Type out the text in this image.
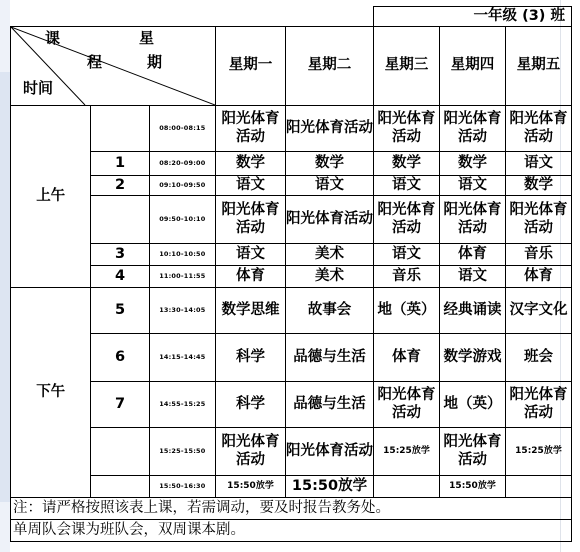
					一年级 (3) 班		

课 星
程 期
时间			星期一	星期二	星期三	星期四	星期五
上午		08:00-08:15	阳光体育活动	阳光体育活动	阳光体育活动	阳光体育活动	阳光体育活动
	1	08:20-09:00	数学	数学	数学	数学	语文
	2	09:10-09:50	语文	语文	语文	语文	数学
		09:50-10:10	阳光体育活动	阳光体育活动	阳光体育活动	阳光体育活动	阳光体育活动
	3	10:10-10:50	语文	美术	语文	体育	音乐
	4	11:00-11:55	体育	美术	音乐	语文	体育
下午	5	13:30-14:05	数学思维	故事会	地（英）	经典诵读	汉字文化
	6	14:15-14:45	科学	品德与生活	体育	数学游戏	班会
	7	14:55-15:25	科学	品德与生活	阳光体育活动	地（英）	阳光体育活动
		15:25-15:50	阳光体育活动	阳光体育活动	15:25放学	阳光体育活动	15:25放学
		15:50-16:30	15:50放学	15:50放学		15:50放学	
注：请严格按照该表上课，若需调动，要及时报告教务处。							
单周队会课为班队会，双周课本剧。							
